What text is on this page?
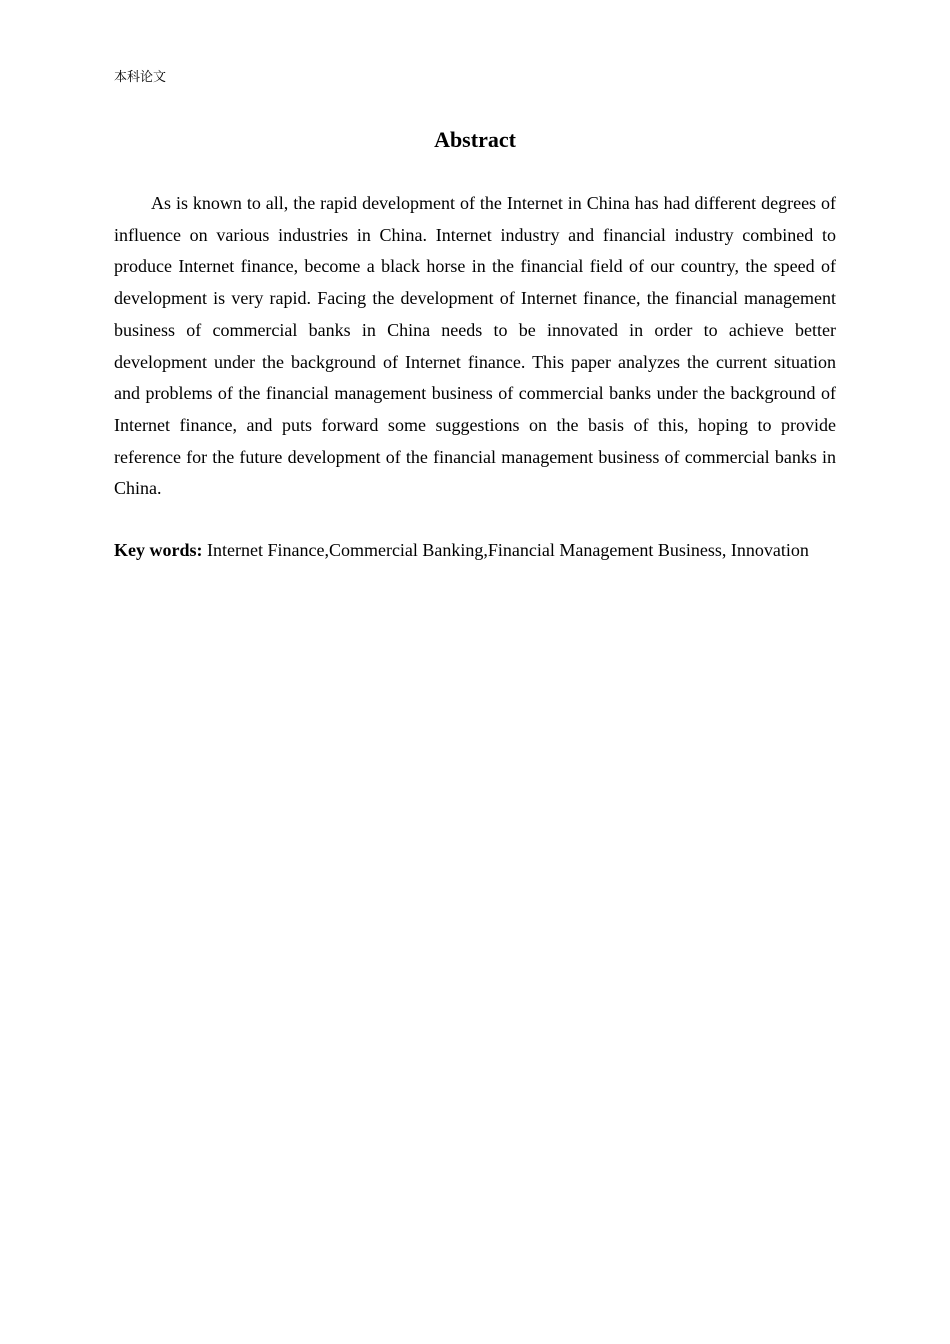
本科论文
Abstract

As is known to all, the rapid development of the Internet in China has had different degrees of influence on various industries in China. Internet industry and financial industry combined to produce Internet finance, become a black horse in the financial field of our country, the speed of development is very rapid. Facing the development of Internet finance, the financial management business of commercial banks in China needs to be innovated in order to achieve better development under the background of Internet finance. This paper analyzes the current situation and problems of the financial management business of commercial banks under the background of Internet finance, and puts forward some suggestions on the basis of this, hoping to provide reference for the future development of the financial management business of commercial banks in China.

Key words: Internet Finance,Commercial Banking,Financial Management Business, Innovation
